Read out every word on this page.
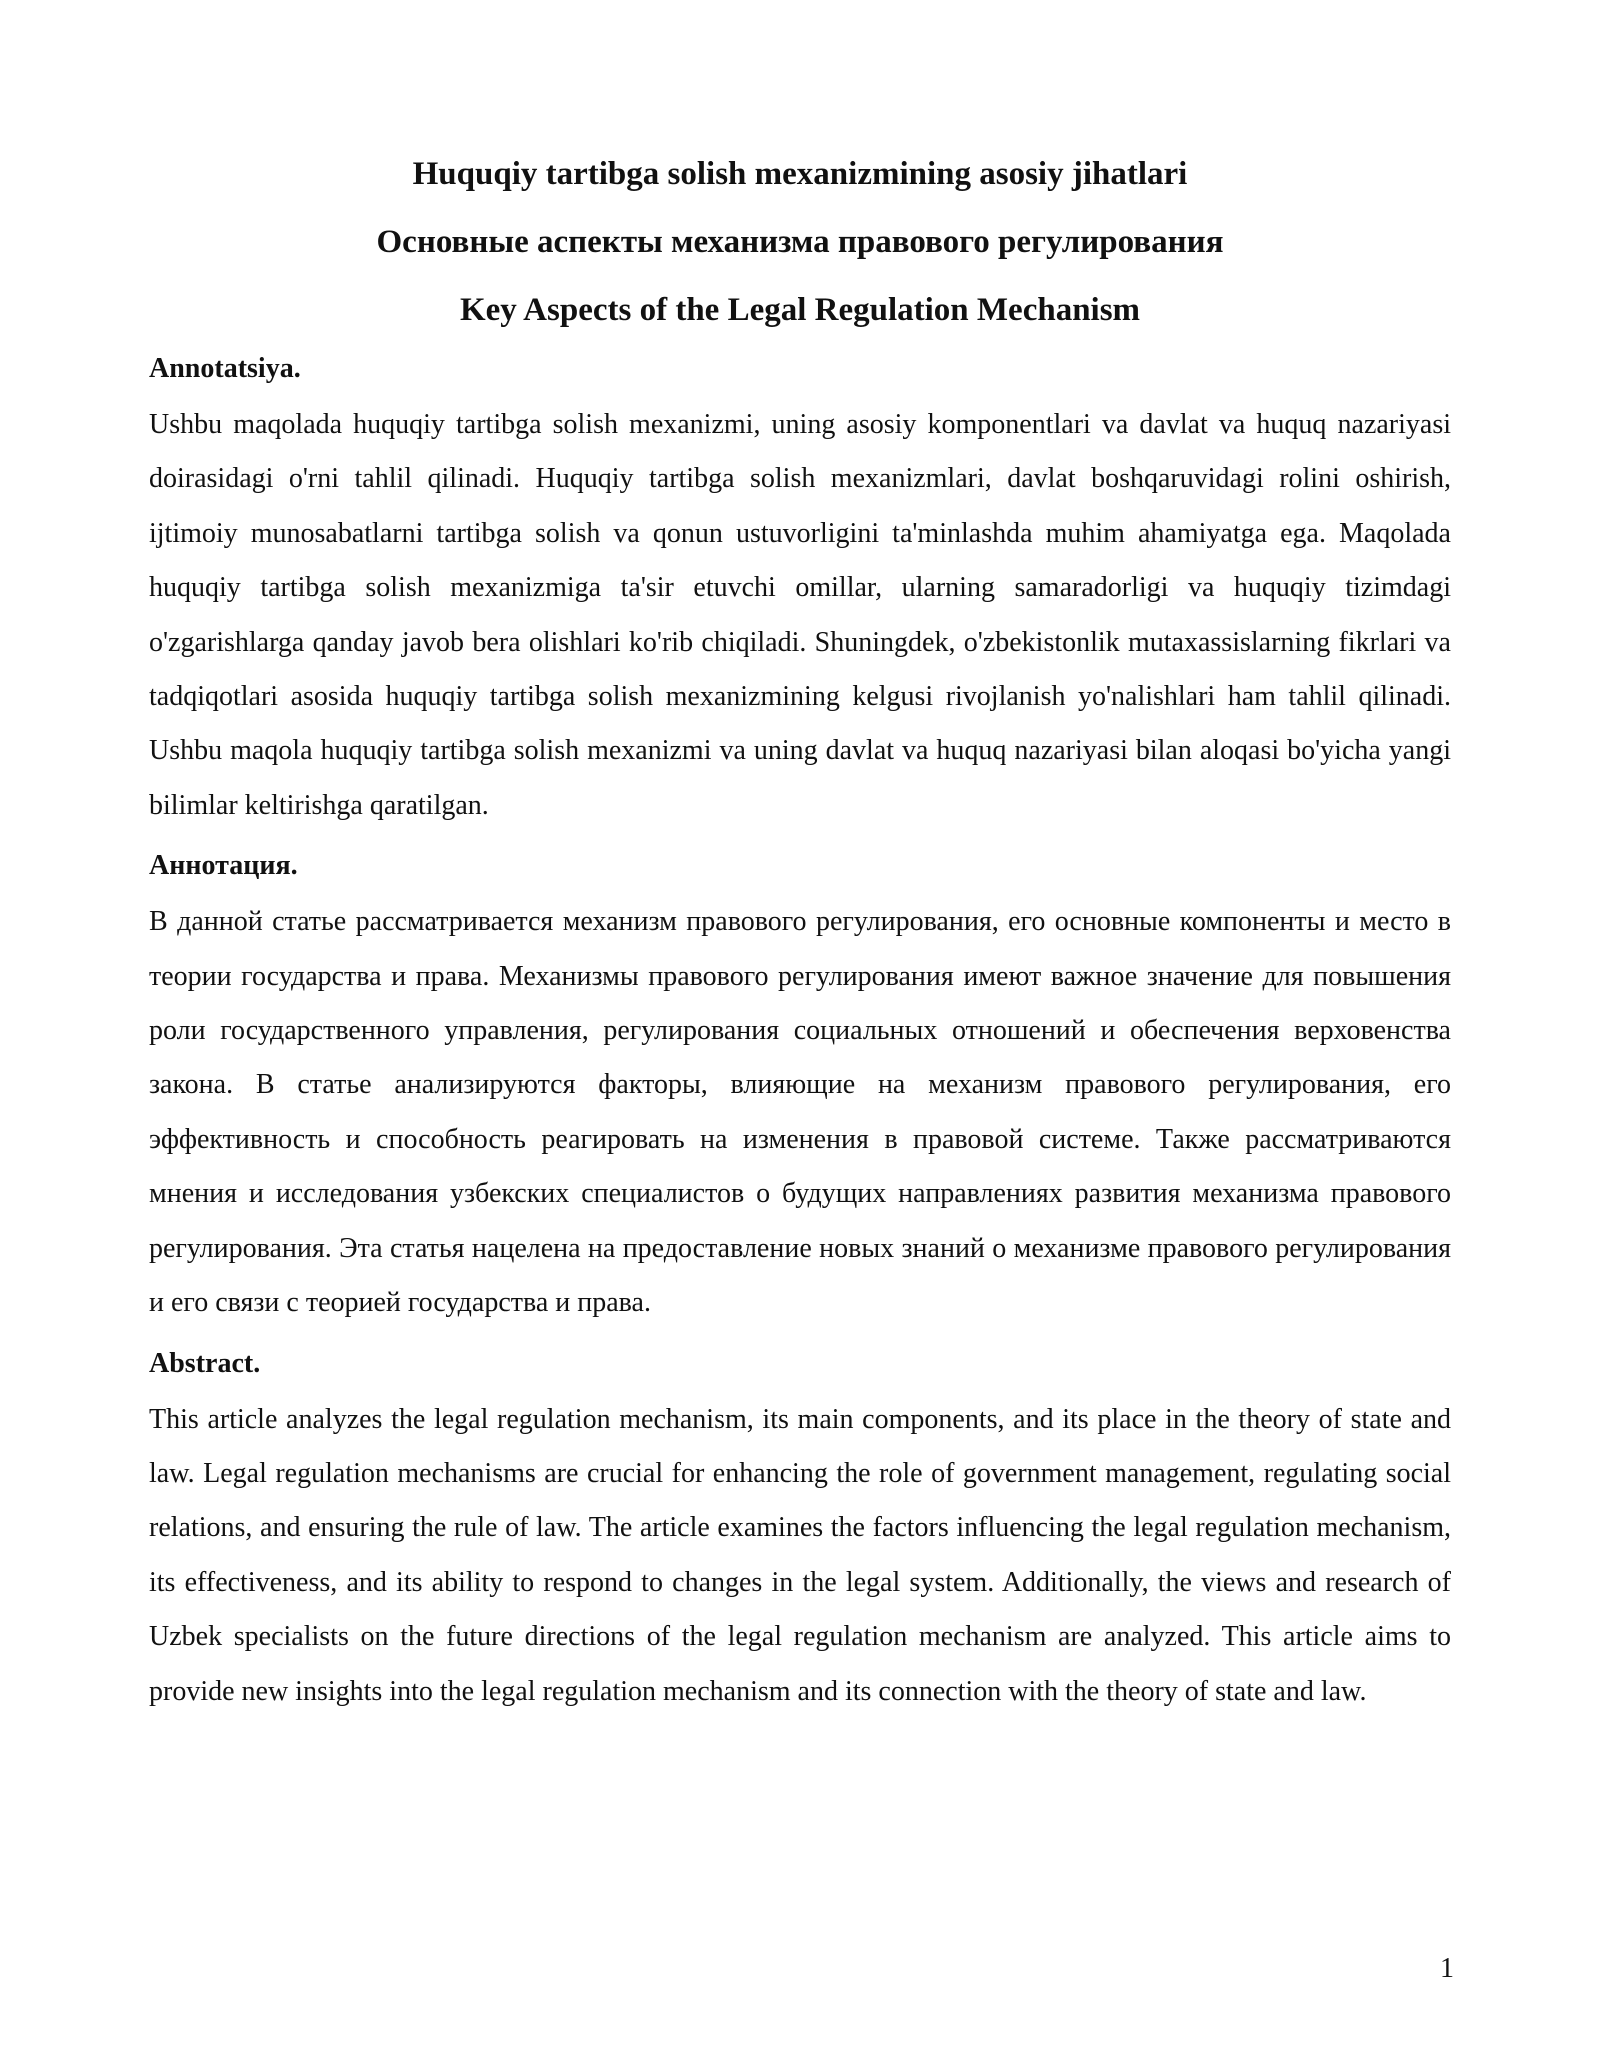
Huquqiy tartibga solish mexanizmining asosiy jihatlari

Основные аспекты механизма правового регулирования

Key Aspects of the Legal Regulation Mechanism

Annotatsiya.

Ushbu maqolada huquqiy tartibga solish mexanizmi, uning asosiy komponentlari va davlat va huquq nazariyasi doirasidagi o'rni tahlil qilinadi. Huquqiy tartibga solish mexanizmlari, davlat boshqaruvidagi rolini oshirish, ijtimoiy munosabatlarni tartibga solish va qonun ustuvorligini ta'minlashda muhim ahamiyatga ega. Maqolada huquqiy tartibga solish mexanizmiga ta'sir etuvchi omillar, ularning samaradorligi va huquqiy tizimdagi o'zgarishlarga qanday javob bera olishlari ko'rib chiqiladi. Shuningdek, o'zbekistonlik mutaxassislarning fikrlari va tadqiqotlari asosida huquqiy tartibga solish mexanizmining kelgusi rivojlanish yo'nalishlari ham tahlil qilinadi. Ushbu maqola huquqiy tartibga solish mexanizmi va uning davlat va huquq nazariyasi bilan aloqasi bo'yicha yangi bilimlar keltirishga qaratilgan.

Аннотация.

В данной статье рассматривается механизм правового регулирования, его основные компоненты и место в теории государства и права. Механизмы правового регулирования имеют важное значение для повышения роли государственного управления, регулирования социальных отношений и обеспечения верховенства закона. В статье анализируются факторы, влияющие на механизм правового регулирования, его эффективность и способность реагировать на изменения в правовой системе. Также рассматриваются мнения и исследования узбекских специалистов о будущих направлениях развития механизма правового регулирования. Эта статья нацелена на предоставление новых знаний о механизме правового регулирования и его связи с теорией государства и права.

Abstract.

This article analyzes the legal regulation mechanism, its main components, and its place in the theory of state and law. Legal regulation mechanisms are crucial for enhancing the role of government management, regulating social relations, and ensuring the rule of law. The article examines the factors influencing the legal regulation mechanism, its effectiveness, and its ability to respond to changes in the legal system. Additionally, the views and research of Uzbek specialists on the future directions of the legal regulation mechanism are analyzed. This article aims to provide new insights into the legal regulation mechanism and its connection with the theory of state and law.

1
